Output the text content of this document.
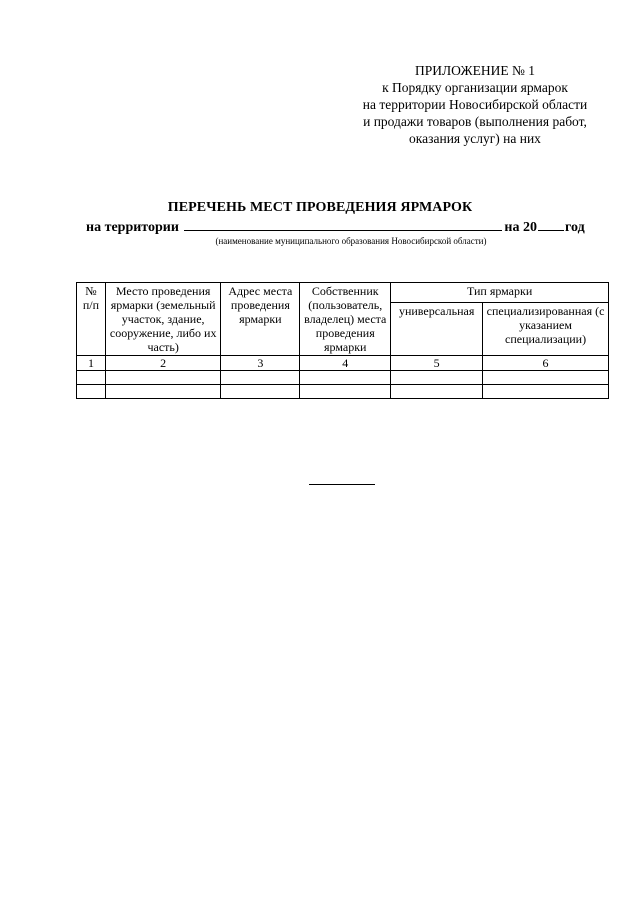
ПРИЛОЖЕНИЕ № 1
к Порядку организации ярмарок
на территории Новосибирской области
и продажи товаров (выполнения работ,
оказания услуг) на них
ПЕРЕЧЕНЬ МЕСТ ПРОВЕДЕНИЯ ЯРМАРОК
на территории	на 20 год
(наименование муниципального образования Новосибирской области)
№ п/п	Место проведения ярмарки (земельный участок, здание, сооружение, либо их часть)	Адрес места проведения ярмарки	Собственник (пользователь, владелец) места проведения ярмарки	Тип ярмарки	
				универсальная	специализированная (с указанием специализации)
1	2	3	4	5	6
